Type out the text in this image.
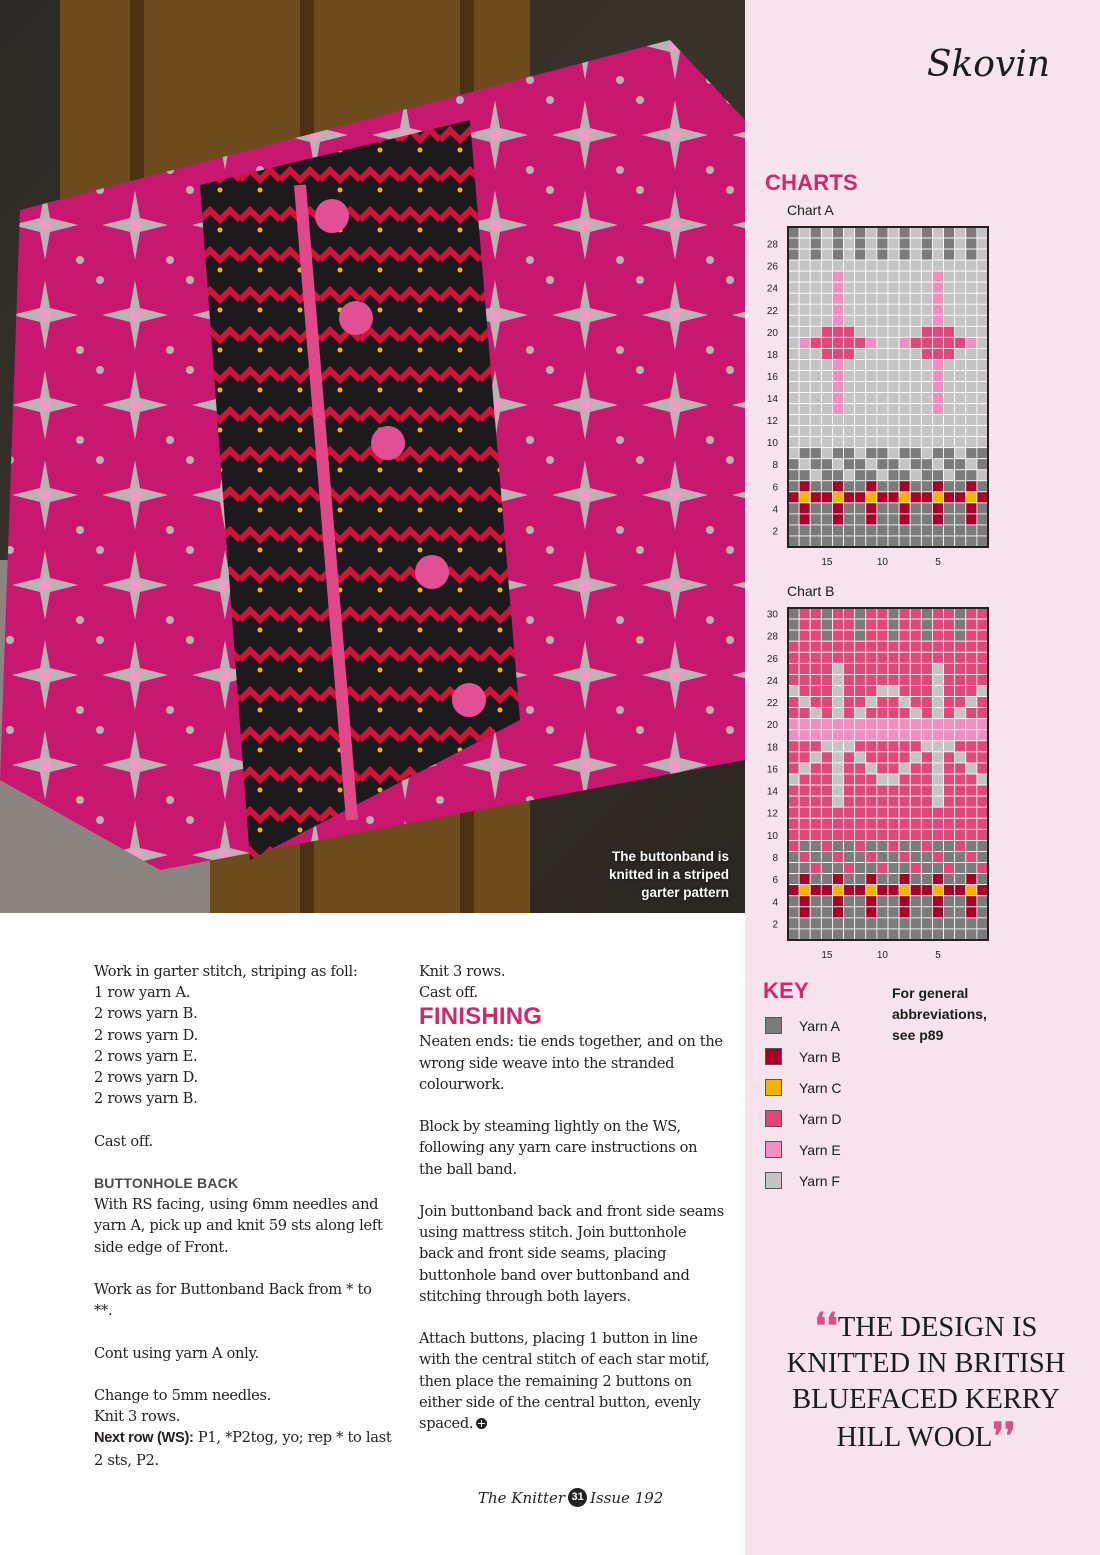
The buttonband is
knitted in a striped
garter pattern
Skovin
CHARTS
Chart A
28
26
24
22
20
18
16
14
12
10
8
6
4
2
15	10	5
Chart B
30
28
26
24
22
20
18
16
14
12
10
8
6
4
2
15	10	5
KEY
Yarn A
Yarn B
Yarn C
Yarn D
Yarn E
Yarn F
For general abbreviations, see p89
❛❛THE DESIGN IS KNITTED IN BRITISH BLUEFACED KERRY HILL WOOL❜❜

Work in garter stitch, striping as foll:

1 row yarn A.

2 rows yarn B.

2 rows yarn D.

2 rows yarn E.

2 rows yarn D.

2 rows yarn B.

Cast off.

BUTTONHOLE BACK

With RS facing, using 6mm needles and yarn A, pick up and knit 59 sts along left side edge of Front.

Work as for Buttonband Back from * to **.

Cont using yarn A only.

Change to 5mm needles.

Knit 3 rows.

Next row (WS): P1, *P2tog, yo; rep * to last 2 sts, P2.

Knit 3 rows.

Cast off.

FINISHING

Neaten ends: tie ends together, and on the wrong side weave into the stranded colourwork.

Block by steaming lightly on the WS, following any yarn care instructions on the ball band.

Join buttonband back and front side seams using mattress stitch. Join buttonhole back and front side seams, placing buttonhole band over buttonband and stitching through both layers.

Attach buttons, placing 1 button in line with the central stitch of each star motif, then place the remaining 2 buttons on either side of the central button, evenly spaced.

The Knitter 31 Issue 192
